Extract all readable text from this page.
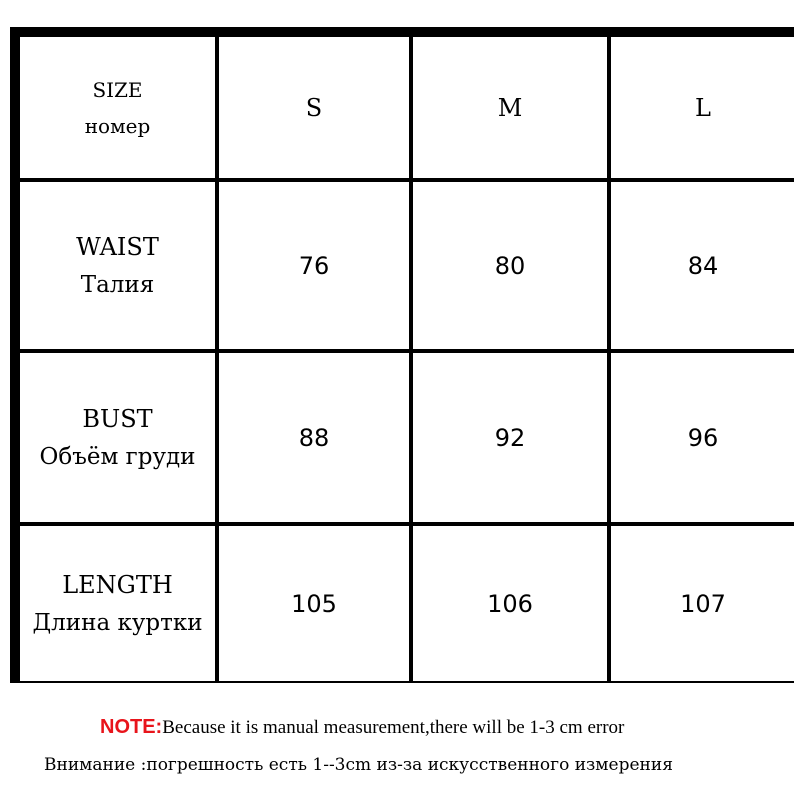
SIZE
номер
S	M	L
WAIST
Талия
76	80	84
BUST
Объём груди
88	92	96
LENGTH
Длина куртки
105	106	107
NOTE:Because it is manual measurement,there will be 1-3 cm error
Внимание :погрешность есть 1--3cm из-за искусственного измерения
